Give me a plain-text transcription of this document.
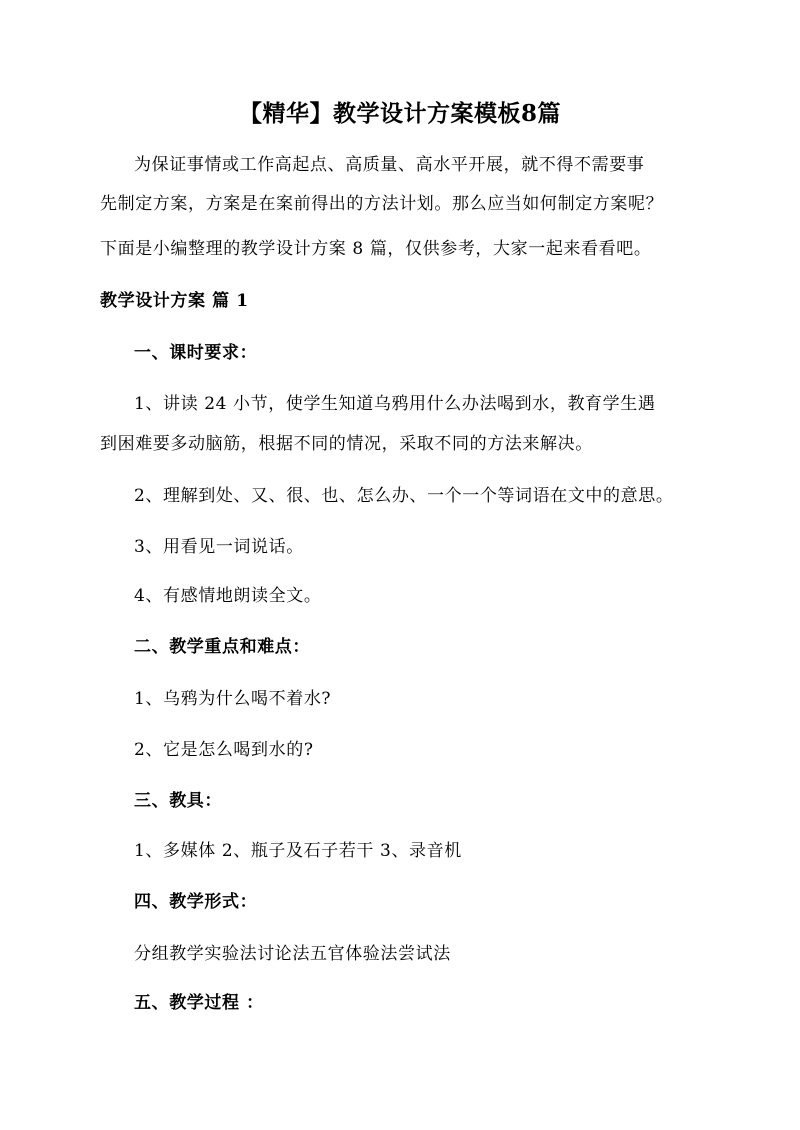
【精华】教学设计方案模板8篇
为保证事情或工作高起点、高质量、高水平开展，就不得不需要事
先制定方案，方案是在案前得出的方法计划。那么应当如何制定方案呢？
下面是小编整理的教学设计方案 8 篇，仅供参考，大家一起来看看吧。
教学设计方案 篇 1
一、课时要求：
1、讲读 24 小节，使学生知道乌鸦用什么办法喝到水，教育学生遇
到困难要多动脑筋，根据不同的情况，采取不同的方法来解决。
2、理解到处、又、很、也、怎么办、一个一个等词语在文中的意思。
3、用看见一词说话。
4、有感情地朗读全文。
二、教学重点和难点：
1、乌鸦为什么喝不着水?
2、它是怎么喝到水的?
三、教具：
1、多媒体 2、瓶子及石子若干 3、录音机
四、教学形式：
分组教学实验法讨论法五官体验法尝试法
五、教学过程 ：
